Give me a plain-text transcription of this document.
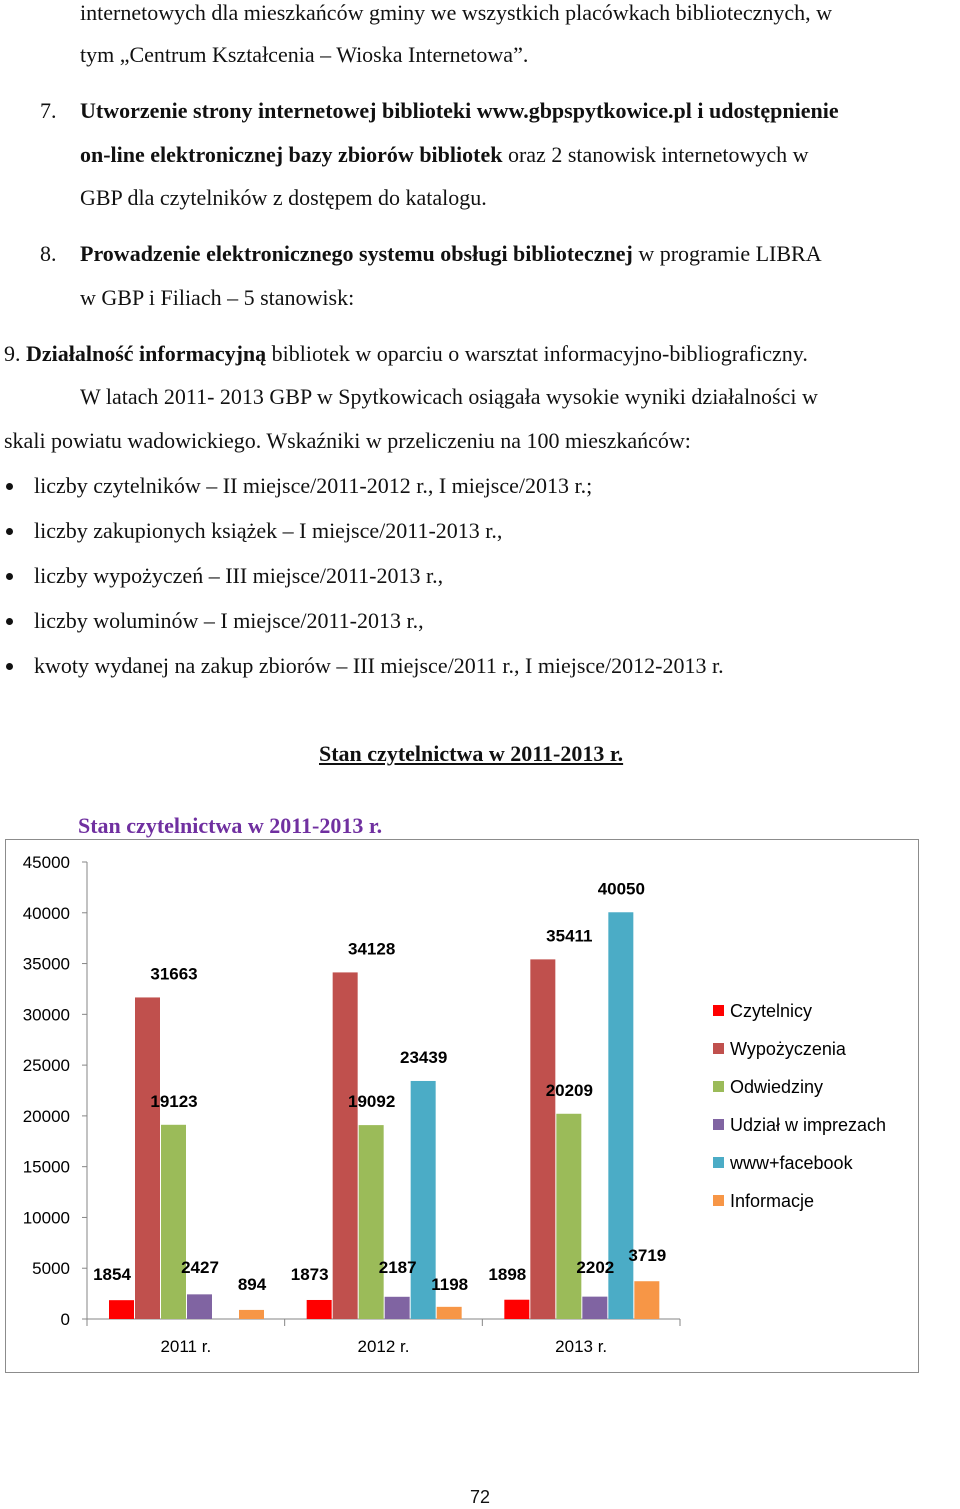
internetowych dla mieszkańców gminy we wszystkich placówkach bibliotecznych, w
tym „Centrum Kształcenia – Wioska Internetowa”.
7. Utworzenie strony internetowej biblioteki www.gbpspytkowice.pl i udostępnienie
on-line elektronicznej bazy zbiorów bibliotek oraz 2 stanowisk internetowych w
GBP dla czytelników z dostępem do katalogu.
8. Prowadzenie elektronicznego systemu obsługi bibliotecznej w programie LIBRA
w GBP i Filiach – 5 stanowisk:
9. Działalność informacyjną bibliotek w oparciu o warsztat informacyjno-bibliograficzny.
W latach 2011- 2013 GBP w Spytkowicach osiągała wysokie wyniki działalności w
skali powiatu wadowickiego. Wskaźniki w przeliczeniu na 100 mieszkańców:
liczby czytelników – II miejsce/2011-2012 r., I miejsce/2013 r.;
liczby zakupionych książek – I miejsce/2011-2013 r.,
liczby wypożyczeń – III miejsce/2011-2013 r.,
liczby woluminów – I miejsce/2011-2013 r.,
kwoty wydanej na zakup zbiorów – III miejsce/2011 r., I miejsce/2012-2013 r.
Stan czytelnictwa w 2011-2013 r.
Stan czytelnictwa w 2011-2013 r.
0
5000
10000
15000
20000
25000
30000
35000
40000
45000
2011 r.	2012 r.	2013 r.
1854	1873	1898
31663
34128
35411
19123	19092
20209
2427	2187	2202
23439
40050
894	1198
3719
Czytelnicy
Wypożyczenia
Odwiedziny
Udział w imprezach
www+facebook
Informacje
72
